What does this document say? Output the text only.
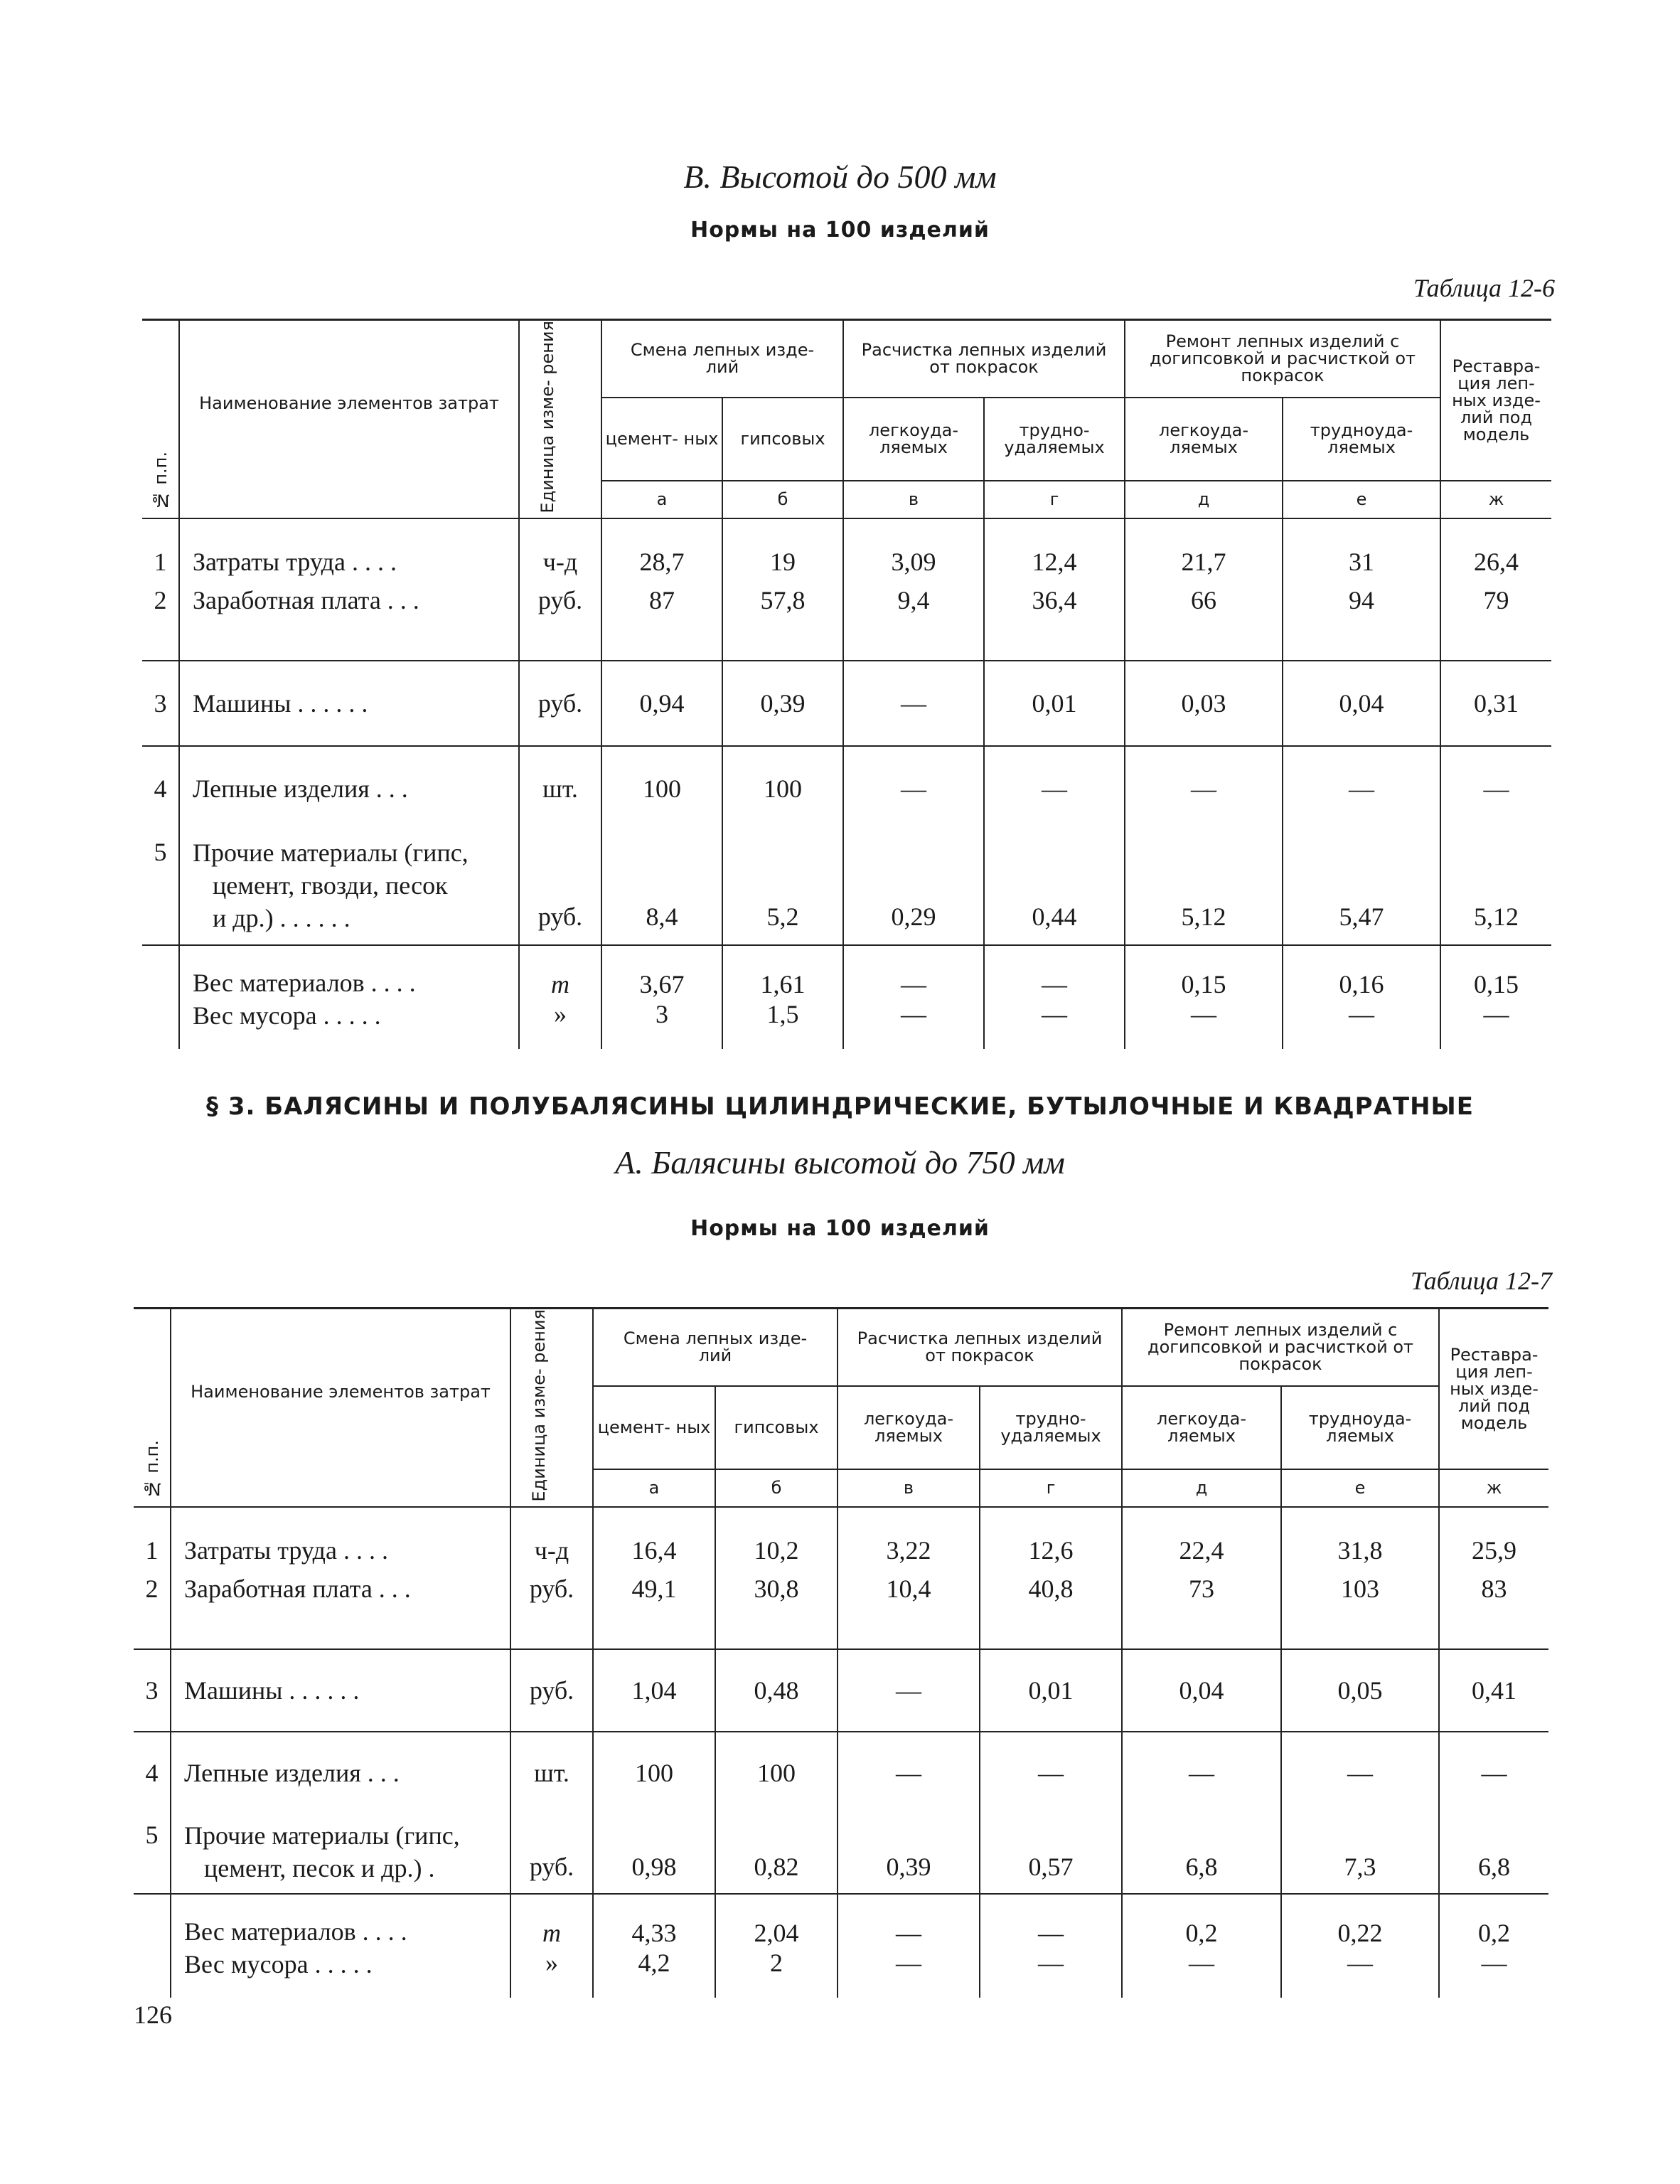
В. Высотой до 500 мм
Нормы на 100 изделий
Таблица 12-6
№ п.п.	Наименование элементов затрат	Единица изме- рения	Смена лепных изде- лий		Расчистка лепных изделий от покрасок		Ремонт лепных изделий с догипсовкой и расчисткой от покрасок		Реставра- ция леп- ных изде- лий под модель
			цемент- ных	гипсовых	легкоуда- ляемых	трудно- удаляемых	легкоуда- ляемых	трудноуда- ляемых	
			а	б	в	г	д	е	ж

1	Затраты труда . . . .	ч-д	28,7	19	3,09	12,4	21,7	31	26,4
2	Заработная плата . . .	руб.	87	57,8	9,4	36,4	66	94	79

3	Машины . . . . . .	руб.	0,94	0,39	—	0,01	0,03	0,04	0,31
4	Лепные изделия . . .	шт.	100	100	—	—	—	—	—
5	Прочие материалы (гипс,
цемент, гвозди, песок
и др.) . . . . . .	руб.	8,4	5,2	0,29	0,44	5,12	5,47	5,12
	Вес материалов . . . .	т	3,67	1,61	—	—	0,15	0,16	0,15
	Вес мусора . . . . .	»	3	1,5	—	—	—	—	—
§ 3. БАЛЯСИНЫ И ПОЛУБАЛЯСИНЫ ЦИЛИНДРИЧЕСКИЕ, БУТЫЛОЧНЫЕ И КВАДРАТНЫЕ
А. Балясины высотой до 750 мм
Нормы на 100 изделий
Таблица 12-7
№ п.п.	Наименование элементов затрат	Единица изме- рения	Смена лепных изде- лий		Расчистка лепных изделий от покрасок		Ремонт лепных изделий с догипсовкой и расчисткой от покрасок		Реставра- ция леп- ных изде- лий под модель
			цемент- ных	гипсовых	легкоуда- ляемых	трудно- удаляемых	легкоуда- ляемых	трудноуда- ляемых	
			а	б	в	г	д	е	ж

1	Затраты труда . . . .	ч-д	16,4	10,2	3,22	12,6	22,4	31,8	25,9
2	Заработная плата . . .	руб.	49,1	30,8	10,4	40,8	73	103	83

3	Машины . . . . . .	руб.	1,04	0,48	—	0,01	0,04	0,05	0,41
4	Лепные изделия . . .	шт.	100	100	—	—	—	—	—
5	Прочие материалы (гипс,
цемент, песок и др.) .	руб.	0,98	0,82	0,39	0,57	6,8	7,3	6,8
	Вес материалов . . . .	т	4,33	2,04	—	—	0,2	0,22	0,2
	Вес мусора . . . . .	»	4,2	2	—	—	—	—	—
126
